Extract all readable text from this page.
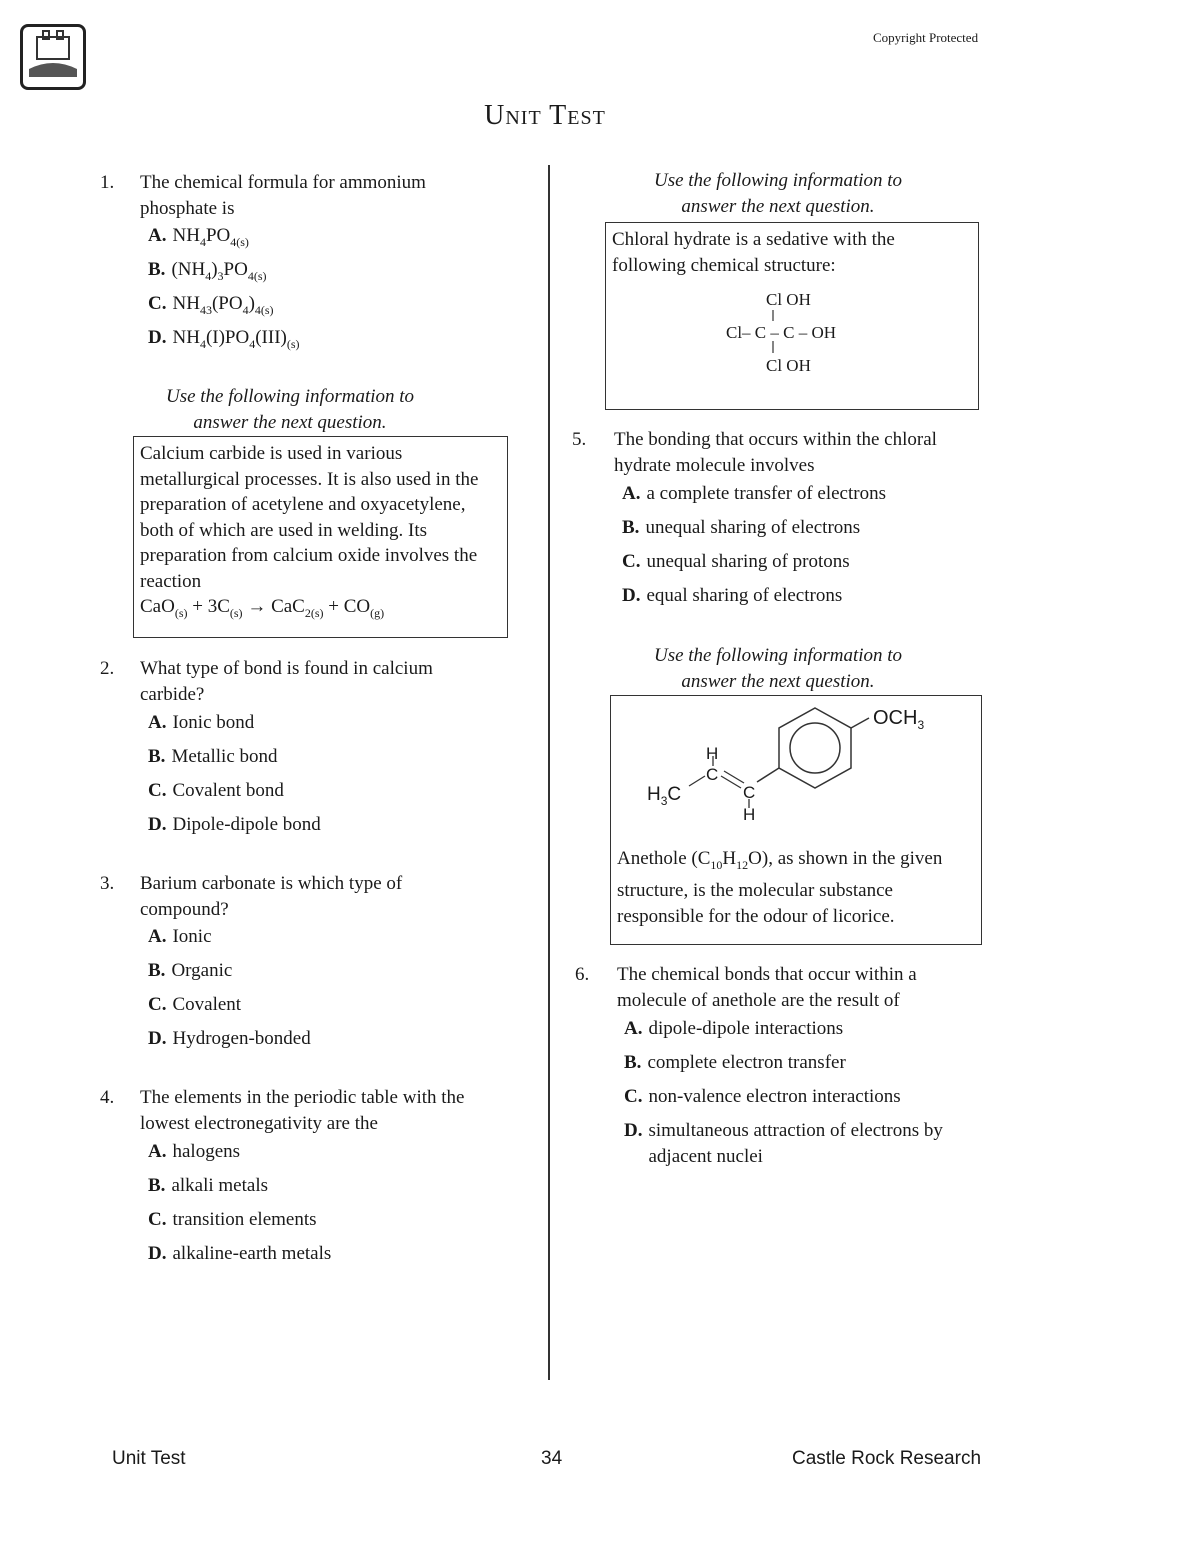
Copyright Protected
Unit Test
1. The chemical formula for ammonium phosphate is
A. $NH_4PO_{4(s)}$
B. $(NH_4)_3PO_{4(s)}$
C. $NH_{43}(PO_4)_{4(s)}$
D. $NH_4(I)PO_4(III)_{(s)}$
Use the following information to answer the next question.
Calcium carbide is used in various metallurgical processes. It is also used in the preparation of acetylene and oxyacetylene, both of which are used in welding. Its preparation from calcium oxide involves the reaction
$CaO_{(s)} + 3C_{(s)} \to CaC_{2(s)} + CO_{(g)}$
2. What type of bond is found in calcium carbide?
A. Ionic bond
B. Metallic bond
C. Covalent bond
D. Dipole-dipole bond
3. Barium carbonate is which type of compound?
A. Ionic
B. Organic
C. Covalent
D. Hydrogen-bonded
4. The elements in the periodic table with the lowest electronegativity are the
A. halogens
B. alkali metals
C. transition elements
D. alkaline-earth metals
Use the following information to answer the next question.
Chloral hydrate is a sedative with the following chemical structure:
Cl OH
Cl– C – C – OH
Cl OH
5. The bonding that occurs within the chloral hydrate molecule involves
A. a complete transfer of electrons
B. unequal sharing of electrons
C. unequal sharing of protons
D. equal sharing of electrons
Use the following information to answer the next question.
$OCH_3$
H
C
C
H
$H_3C$
Anethole $(C_{10}H_{12}O)$, as shown in the given structure, is the molecular substance responsible for the odour of licorice.
6. The chemical bonds that occur within a molecule of anethole are the result of
A. dipole-dipole interactions
B. complete electron transfer
C. non-valence electron interactions
D. simultaneous attraction of electrons by adjacent nuclei
Unit Test	34	Castle Rock Research
